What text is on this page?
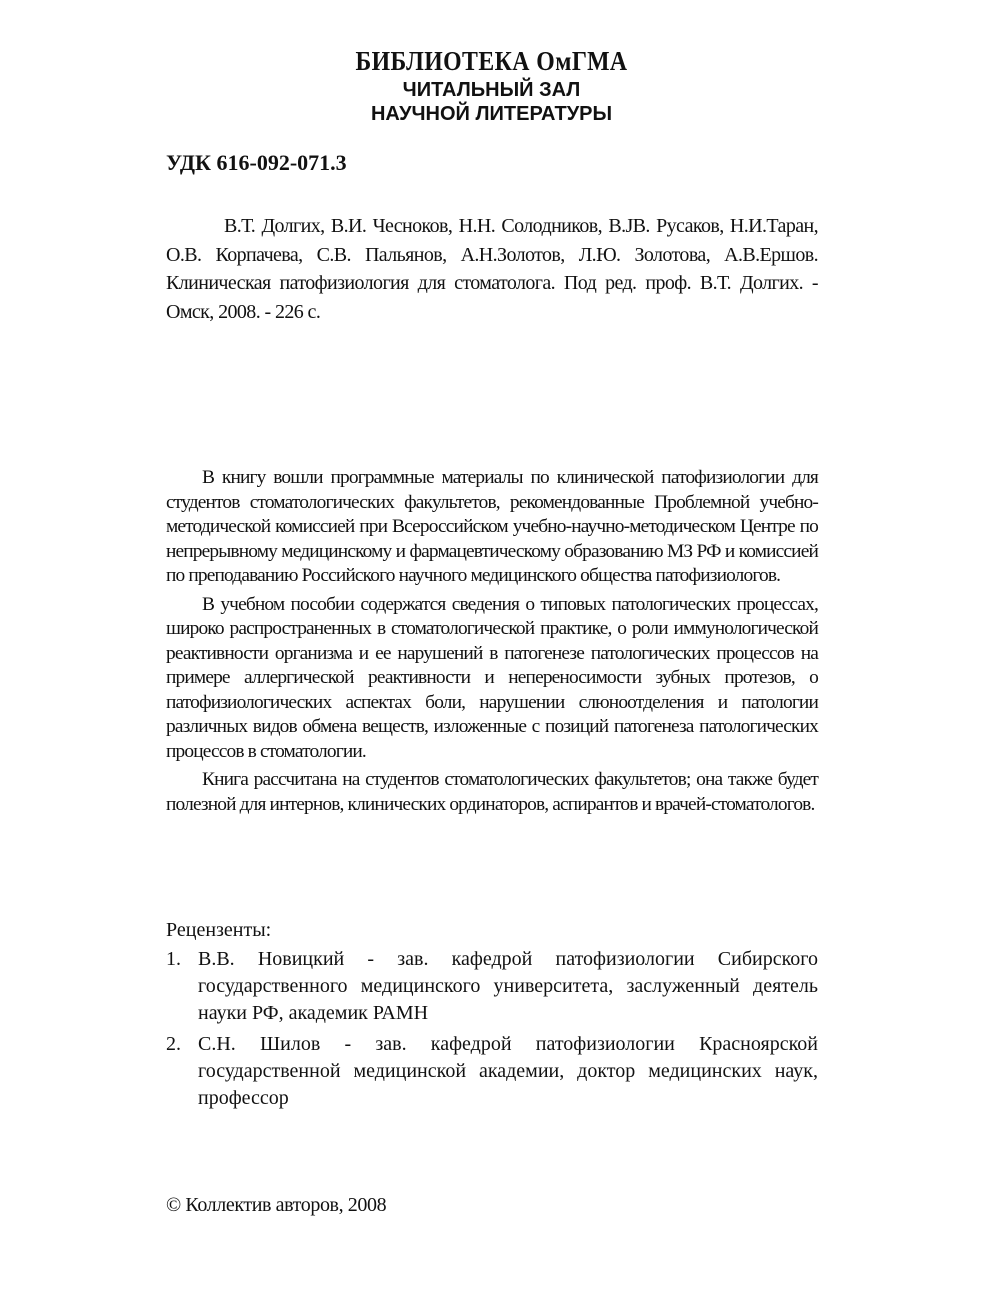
БИБЛИОТЕКА ОмГМА
ЧИТАЛЬНЫЙ ЗАЛ
НАУЧНОЙ ЛИТЕРАТУРЫ
УДК 616-092-071.3
В.Т. Долгих, В.И. Чесноков, Н.Н. Солодников, В.JВ. Русаков, Н.И.Таран, О.В. Корпачева, С.В. Пальянов, А.Н.Золотов, Л.Ю. Золотова, А.В.Ершов. Клиническая патофизиология для стоматолога. Под ред. проф. В.Т. Долгих. - Омск, 2008. - 226 с.

В книгу вошли программные материалы по клинической патофизиологии для студентов стоматологических факультетов, рекомендованные Проблемной учебно-методической комиссией при Всероссийском учебно-научно-методическом Центре по непрерывному медицинскому и фармацевтическому образованию МЗ РФ и комиссией по преподаванию Российского научного медицинского общества патофизиологов.

В учебном пособии содержатся сведения о типовых патологических процессах, широко распространенных в стоматологической практике, о роли иммунологической реактивности организма и ее нарушений в патогенезе патологических процессов на примере аллергической реактивности и непереносимости зубных протезов, о патофизиологических аспектах боли, нарушении слюноотделения и патологии различных видов обмена веществ, изложенные с позиций патогенеза патологических процессов в стоматологии.

Книга рассчитана на студентов стоматологических факультетов; она также будет полезной для интернов, клинических ординаторов, аспирантов и врачей-стоматологов.

Рецензенты:
1. В.В. Новицкий - зав. кафедрой патофизиологии Сибирского государственного медицинского университета, заслуженный деятель науки РФ, академик РАМН
2. С.Н. Шилов - зав. кафедрой патофизиологии Красноярской государственной медицинской академии, доктор медицинских наук, профессор
© Коллектив авторов, 2008
